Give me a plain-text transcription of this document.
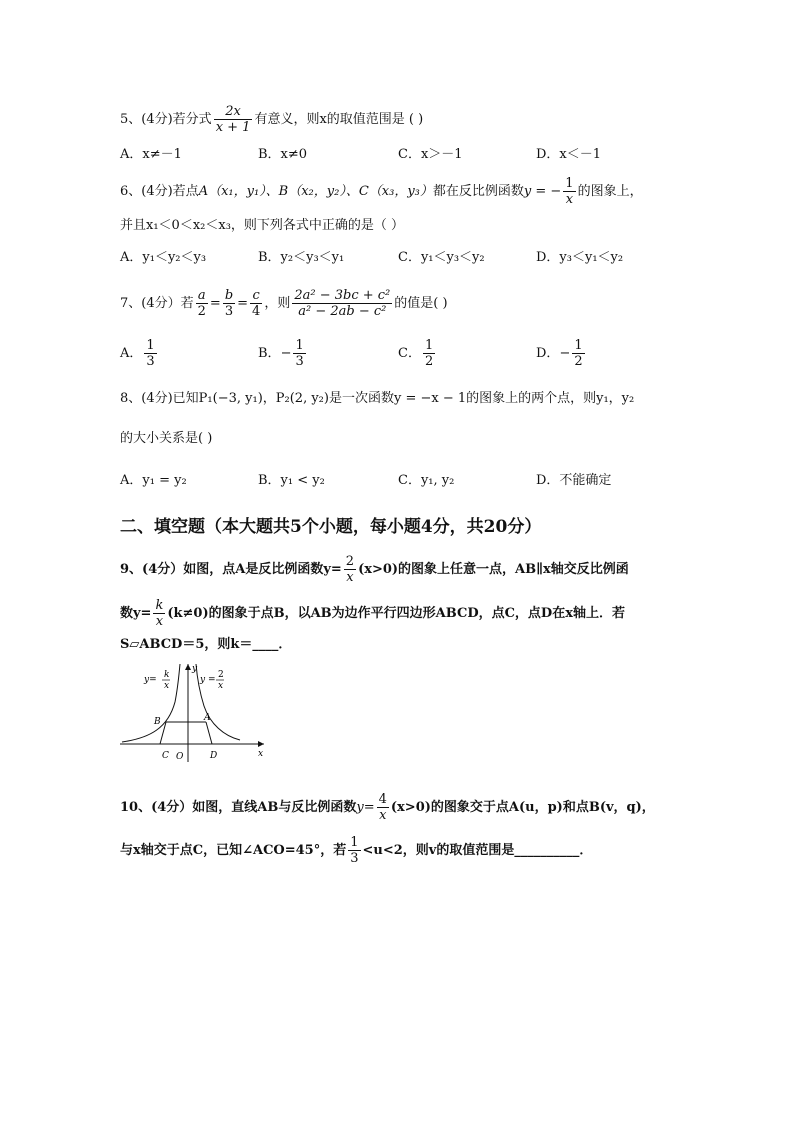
5、(4分)若分式 $\frac{2x}{x + 1}$ 有意义，则x的取值范围是 ( )
A．x≠－1	B．x≠0	C．x＞－1	D．x＜－1
6、(4分)若点A（x₁，y₁）、B（x₂，y₂）、C（x₃，y₃）都在反比例函数y = − $\frac{1}{x}$ 的图象上，
并且x₁＜0＜x₂＜x₃，则下列各式中正确的是（ ）
A．y₁＜y₂＜y₃	B．y₂＜y₃＜y₁	C．y₁＜y₃＜y₂	D．y₃＜y₁＜y₂
7、(4分）若 $\frac{a}{2} = \frac{b}{3} = \frac{c}{4}$ ，则 $\frac{\text{2a² − 3bc + c²}}{\text{a² − 2ab − c²}}$ 的值是( )
A． $\frac{1}{3}$	B．− $\frac{1}{3}$	C． $\frac{1}{2}$	D．− $\frac{1}{2}$
8、(4分)已知P₁(−3, y₁)，P₂(2, y₂)是一次函数y = −x − 1的图象上的两个点，则y₁，y₂
的大小关系是( )
A．y₁ = y₂	B．y₁ < y₂	C．y₁, y₂	D．不能确定
二、填空题（本大题共5个小题，每小题4分，共20分）
9、(4分）如图，点A是反比例函数$y= \frac{2}{x} (x>0)$的图象上任意一点，AB∥x轴交反比例函
数$y= \frac{k}{x} (k\ne 0)$的图象于点B，以AB为边作平行四边形ABCD，点C，点D在x轴上．若
S▱ABCD＝5，则k＝____．
y= k
x
y
y = 2
x
B	A
C O	D	x
10、(4分）如图，直线AB与反比例函数$y= \frac{4}{x} (x>0)$的图象交于点A(u，p)和点B(v，q)，
与x轴交于点C，已知∠ACO=45°，若 $\frac{1}{3} <u<2$，则v的取值范围是__________．
